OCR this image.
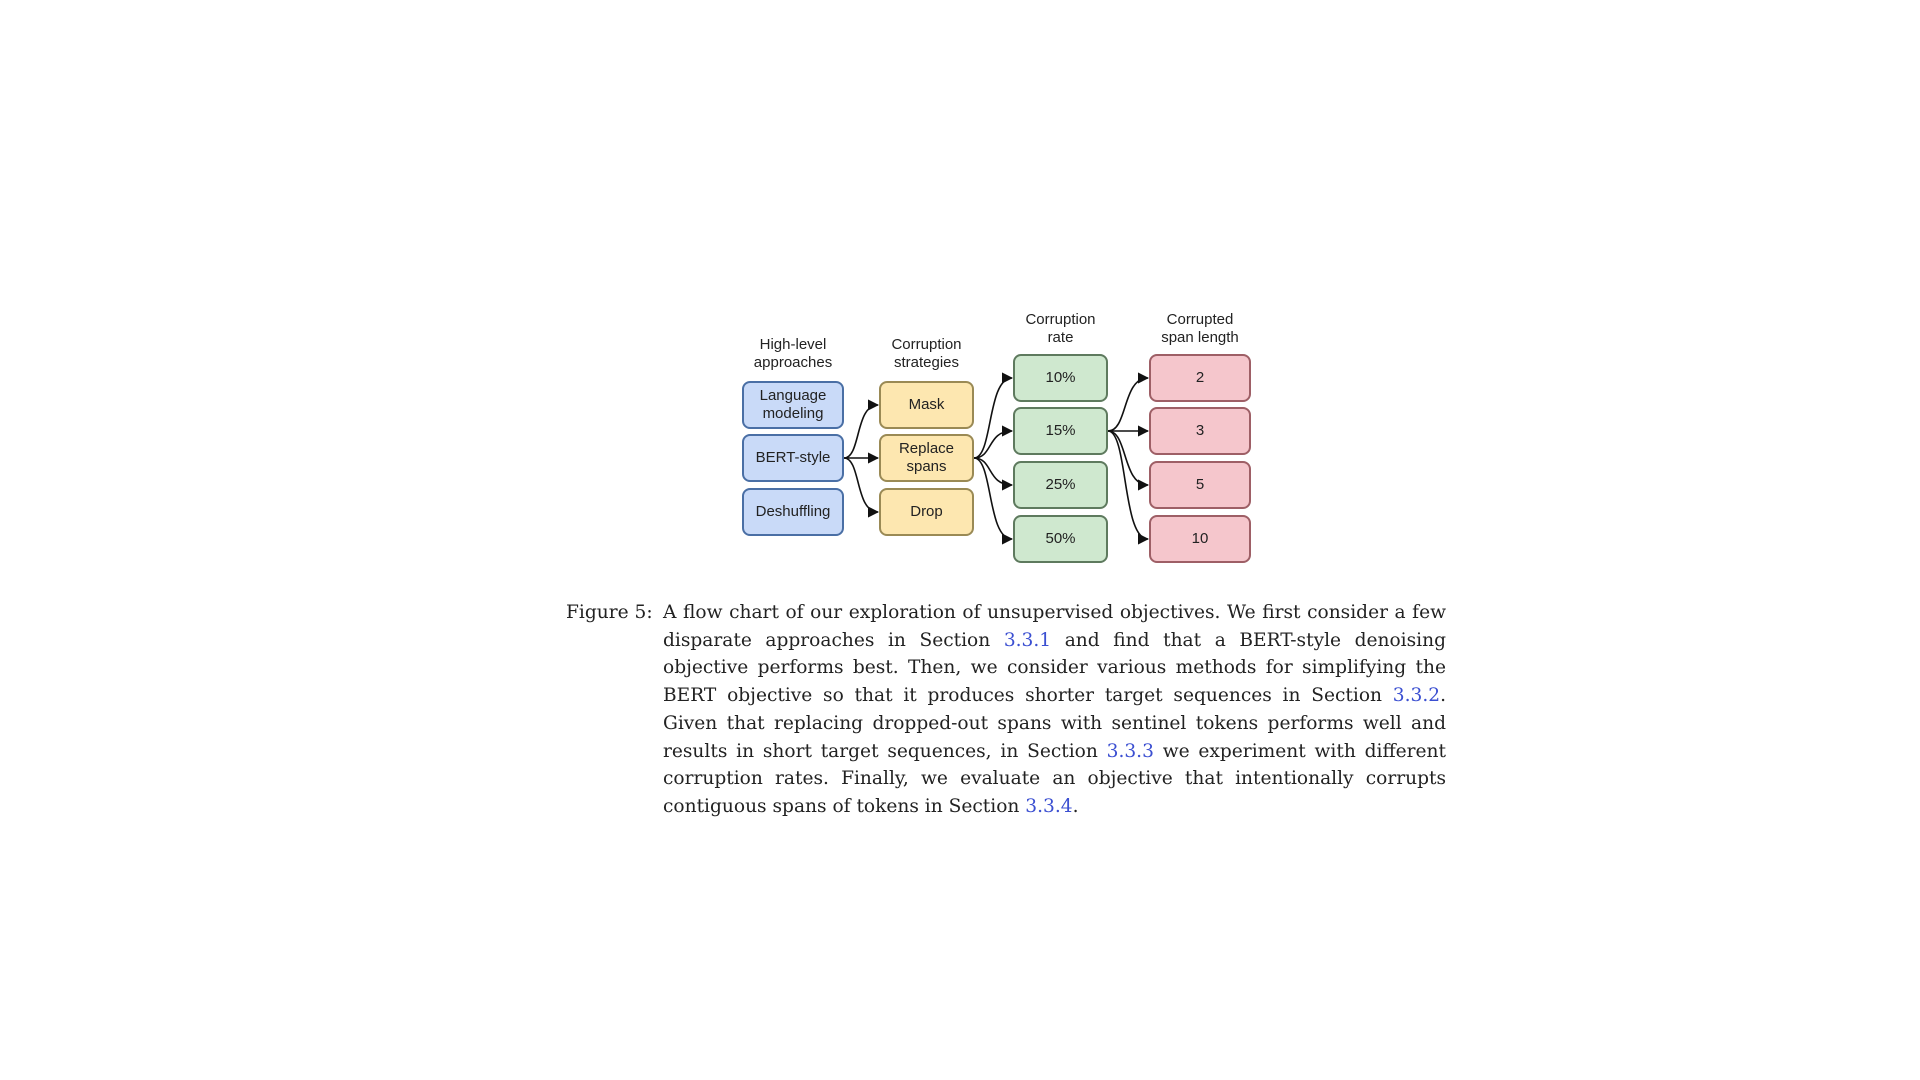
High-level
approaches
Corruption
strategies
Corruption
rate
Corrupted
span length
Language
modeling
BERT-style
Deshuffling
Mask
Replace
spans
Drop
10%
15%
25%
50%
2
3
5
10
Figure 5: A flow chart of our exploration of unsupervised objectives. We first consider a few disparate approaches in Section 3.3.1 and find that a BERT-style denoising objective performs best. Then, we consider various methods for simplifying the BERT objective so that it produces shorter target sequences in Section 3.3.2. Given that replacing dropped-out spans with sentinel tokens performs well and results in short target sequences, in Section 3.3.3 we experiment with different corruption rates. Finally, we evaluate an objective that intentionally corrupts contiguous spans of tokens in Section 3.3.4.
